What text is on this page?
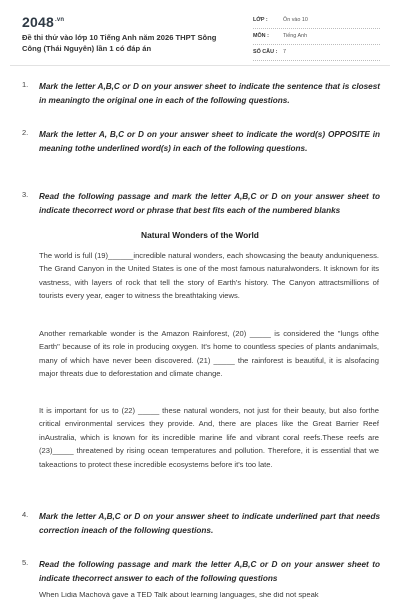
$2048^{.vn}$
Đề thi thử vào lớp 10 Tiếng Anh năm 2026 THPT Sông Công (Thái Nguyên) lần 1 có đáp án
LỚP :	Ôn vào 10
MÔN :	Tiếng Anh
SỐ CÂU : 7
1. Mark the letter A,B,C or D on your answer sheet to indicate the sentence that is closest in meaningto the original one in each of the following questions.
2. Mark the letter A, B,C or D on your answer sheet to indicate the word(s) OPPOSITE in meaning tothe underlined word(s) in each of the following questions.
3. Read the following passage and mark the letter A,B,C or D on your answer sheet to indicate thecorrect word or phrase that best fits each of the numbered blanks
Natural Wonders of the World
The world is full (19)______incredible natural wonders, each showcasing the beauty anduniqueness. The Grand Canyon in the United States is one of the most famous naturalwonders. It isknown for its vastness, with layers of rock that tell the story of Earth's history. The Canyon attractsmillions of tourists every year, eager to witness the breathtaking views.
Another remarkable wonder is the Amazon Rainforest, (20) _____ is considered the "lungs ofthe Earth" because of its role in producing oxygen. It's home to countless species of plants andanimals, many of which have never been discovered. (21) _____ the rainforest is beautiful, it is alsofacing major threats due to deforestation and climate change.
It is important for us to (22) _____ these natural wonders, not just for their beauty, but also forthe critical environmental services they provide. And, there are places like the Great Barrier Reef inAustralia, which is known for its incredible marine life and vibrant coral reefs.These reefs are (23)_____ threatened by rising ocean temperatures and pollution. Therefore, it is essential that we takeactions to protect these incredible ecosystems before it's too late.
4. Mark the letter A,B,C or D on your answer sheet to indicate underlined part that needs correction ineach of the following questions.
5. Read the following passage and mark the letter A,B,C or D on your answer sheet to indicate thecorrect answer to each of the following questions
When Lidia Machová gave a TED Talk about learning languages, she did not speak
